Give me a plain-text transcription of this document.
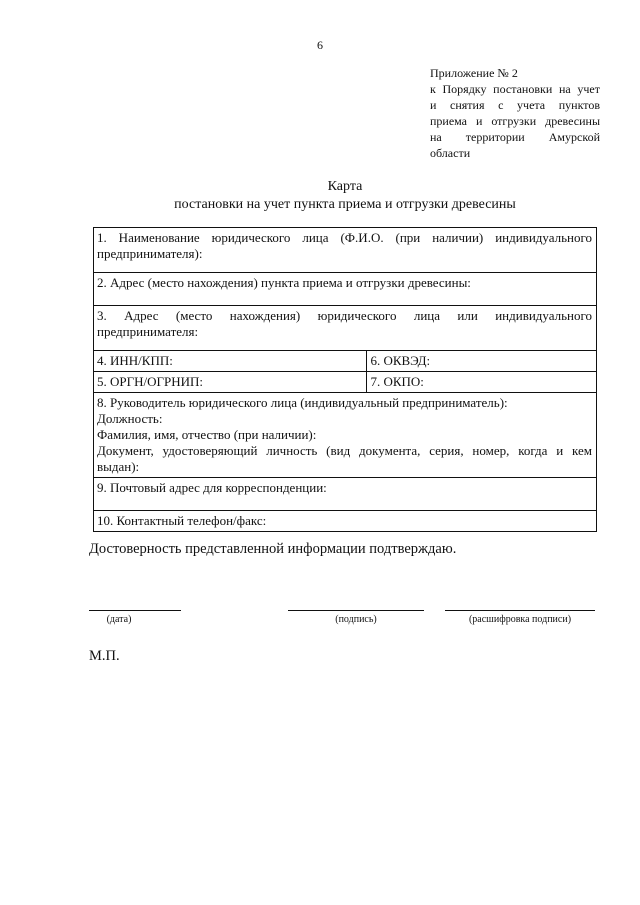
6
Приложение № 2
к Порядку постановки на учет
и снятия с учета пунктов
приема и отгрузки древесины
на территории Амурской
области
Карта
постановки на учет пункта приема и отгрузки древесины
1. Наименование юридического лица (Ф.И.О. (при наличии) индивидуального
предпринимателя):	
2. Адрес (место нахождения) пункта приема и отгрузки древесины:	

3. Адрес (место нахождения) юридического лица или индивидуального
предпринимателя:	
4. ИНН/КПП:	6. ОКВЭД:
5. ОРГН/ОГРНИП:	7. ОКПО:

8. Руководитель юридического лица (индивидуальный предприниматель):
Должность:
Фамилия, имя, отчество (при наличии):
Документ, удостоверяющий личность (вид документа, серия, номер, когда и кем
выдан):	
9. Почтовый адрес для корреспонденции:	
10. Контактный телефон/факс:	
Достоверность представленной информации подтверждаю.
(дата)	(подпись)	(расшифровка подписи)
М.П.
